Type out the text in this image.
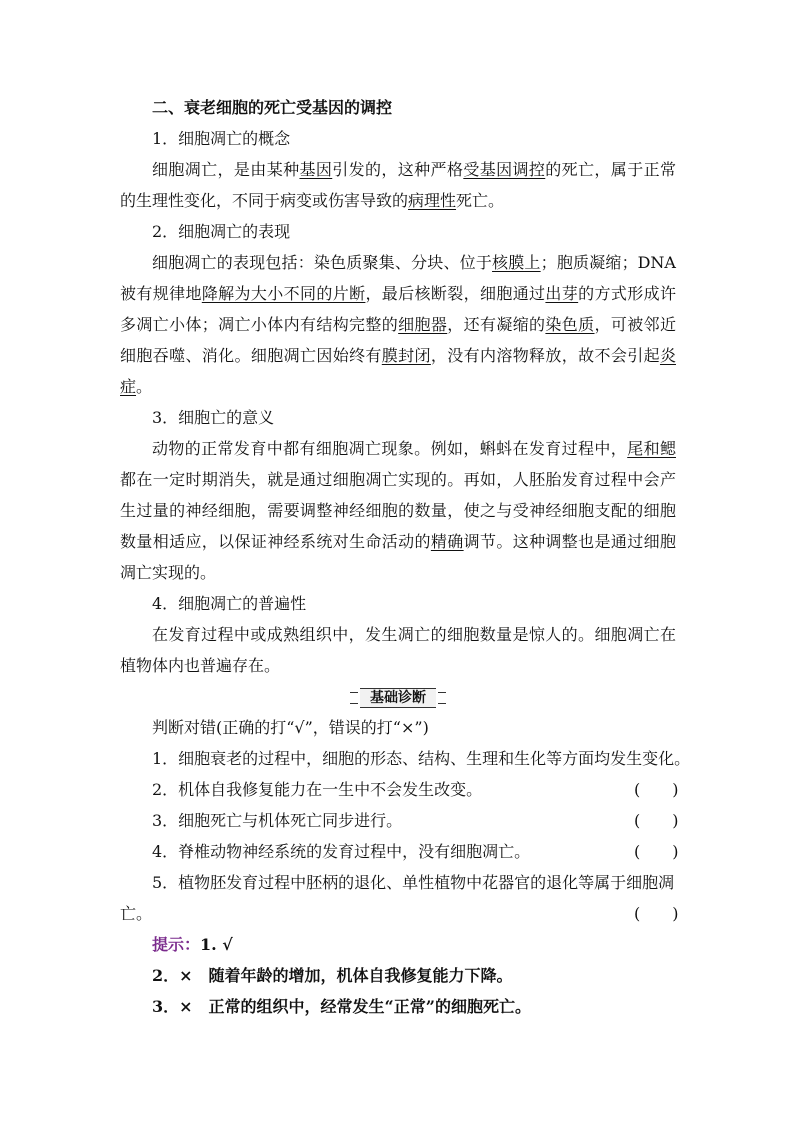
二、衰老细胞的死亡受基因的调控
1．细胞凋亡的概念
细胞凋亡，是由某种基因引发的，这种严格受基因调控的死亡，属于正常的生理性变化，不同于病变或伤害导致的病理性死亡。
2．细胞凋亡的表现
细胞凋亡的表现包括：染色质聚集、分块、位于核膜上；胞质凝缩；DNA被有规律地降解为大小不同的片断，最后核断裂，细胞通过出芽的方式形成许多凋亡小体；凋亡小体内有结构完整的细胞器，还有凝缩的染色质，可被邻近细胞吞噬、消化。细胞凋亡因始终有膜封闭，没有内溶物释放，故不会引起炎症。
3．细胞亡的意义
动物的正常发育中都有细胞凋亡现象。例如，蝌蚪在发育过程中，尾和鳃都在一定时期消失，就是通过细胞凋亡实现的。再如，人胚胎发育过程中会产生过量的神经细胞，需要调整神经细胞的数量，使之与受神经细胞支配的细胞数量相适应，以保证神经系统对生命活动的精确调节。这种调整也是通过细胞凋亡实现的。
4．细胞凋亡的普遍性
在发育过程中或成熟组织中，发生凋亡的细胞数量是惊人的。细胞凋亡在植物体内也普遍存在。
基础诊断
判断对错(正确的打“√”，错误的打“×”)
1．细胞衰老的过程中，细胞的形态、结构、生理和生化等方面均发生变化。
2．机体自我修复能力在一生中不会发生改变。	(　　)
3．细胞死亡与机体死亡同步进行。	(　　)
4．脊椎动物神经系统的发育过程中，没有细胞凋亡。	(　　)
5．植物胚发育过程中胚柄的退化、单性植物中花器官的退化等属于细胞凋
亡。	(　　)
提示：1. √
2．×　随着年龄的增加，机体自我修复能力下降。
3．×　正常的组织中，经常发生“正常”的细胞死亡。
